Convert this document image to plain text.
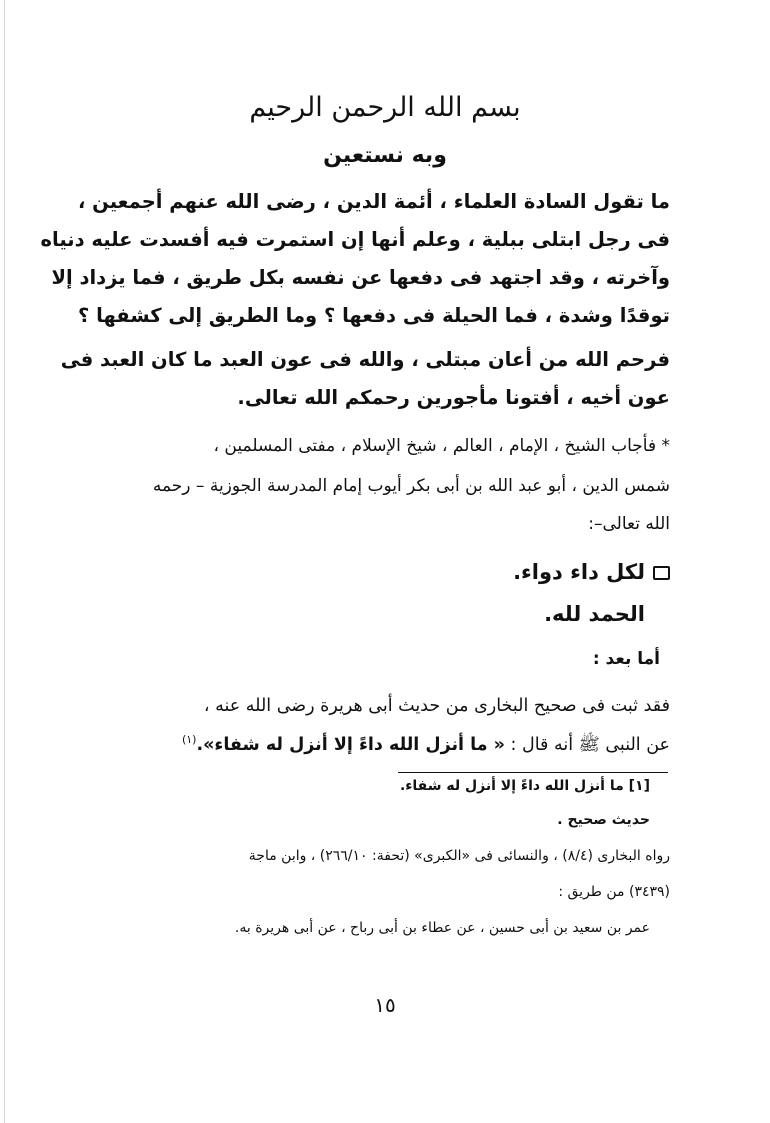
بسم الله الرحمن الرحيم
وبه نستعين
ما تقول السادة العلماء ، أئمة الدين ، رضى الله عنهم أجمعين ،
فى رجل ابتلى ببلية ، وعلم أنها إن استمرت فيه أفسدت عليه دنياه
وآخرته ، وقد اجتهد فى دفعها عن نفسه بكل طريق ، فما يزداد إلا
توقدًا وشدة ، فما الحيلة فى دفعها ؟ وما الطريق إلى كشفها ؟
فرحم الله من أعان مبتلى ، والله فى عون العبد ما كان العبد فى
عون أخيه ، أفتونا مأجورين رحمكم الله تعالى.
* فأجاب الشيخ ، الإمام ، العالم ، شيخ الإسلام ، مفتى المسلمين ،
شمس الدين ، أبو عبد الله بن أبى بكر أيوب إمام المدرسة الجوزية – رحمه
الله تعالى–:
لكل داء دواء.
الحمد لله.
أما بعد :
فقد ثبت فى صحيح البخارى من حديث أبى هريرة رضى الله عنه ،
عن النبى ﷺ أنه قال : « ما أنزل الله داءً إلا أنزل له شفاء».$^{(١)}$
[١] ما أنزل الله داءً إلا أنزل له شفاء.
حديث صحيح .
رواه البخارى (٨/٤) ، والنسائى فى «الكبرى» (تحفة: ٢٦٦/١٠) ، وابن ماجة
(٣٤٣٩) من طريق :
عمر بن سعيد بن أبى حسين ، عن عطاء بن أبى رباح ، عن أبى هريرة به.
١٥
